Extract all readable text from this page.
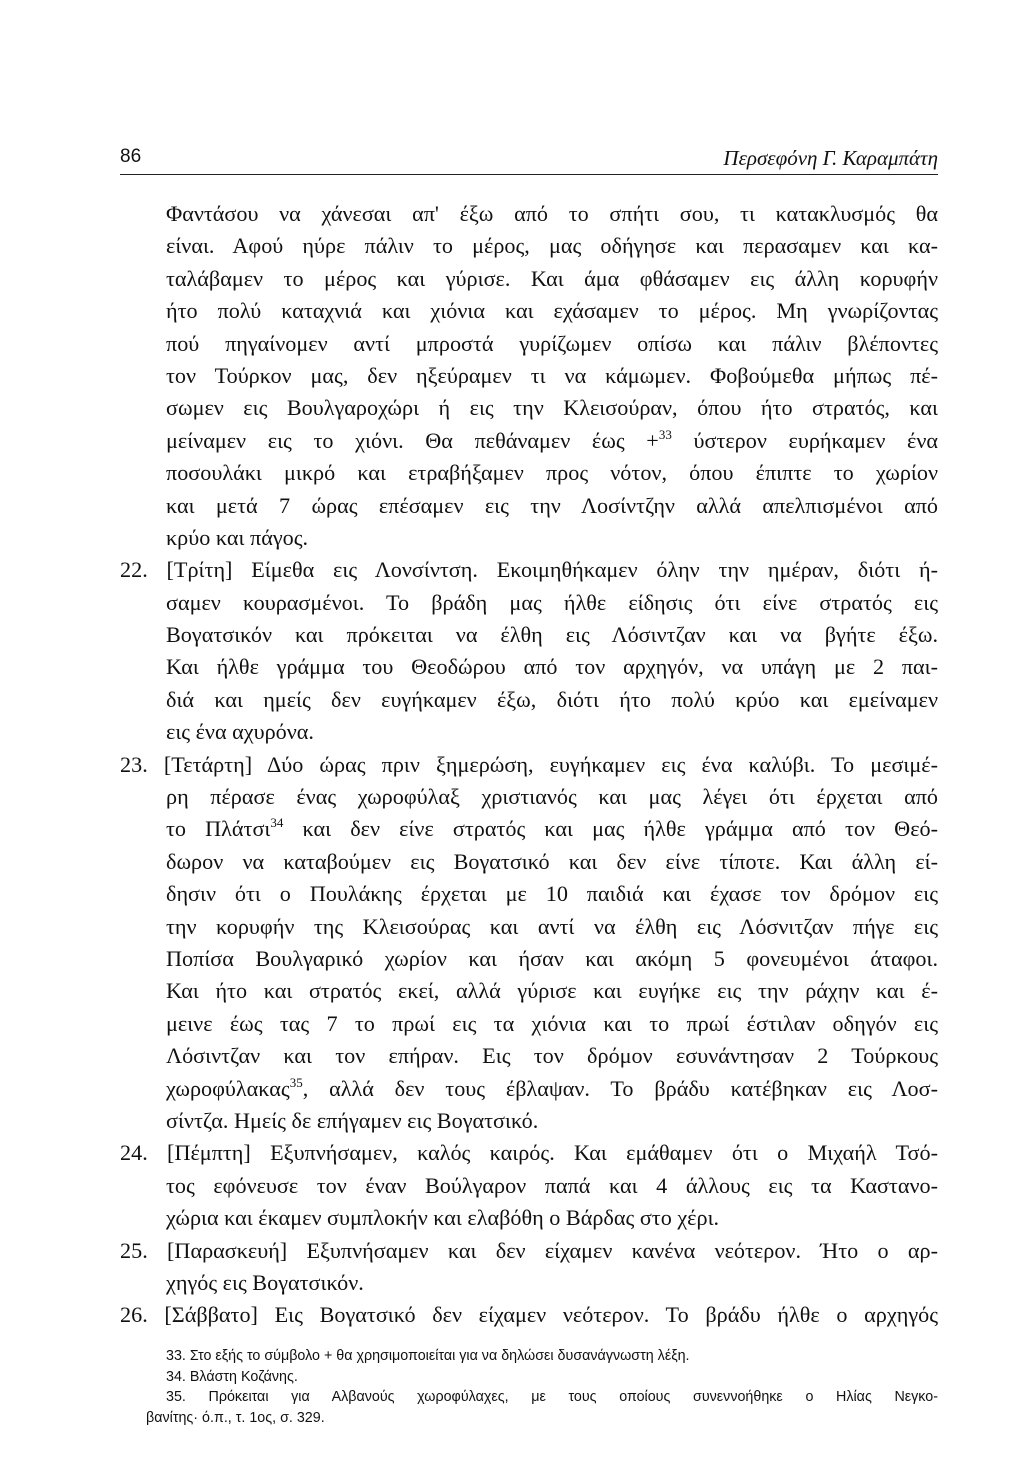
86	Περσεφόνη Γ. Καραμπάτη
Φαντάσου να χάνεσαι απ' έξω από το σπήτι σου, τι κατακλυσμός θα
είναι. Αφού ηύρε πάλιν το μέρος, μας οδήγησε και περασαμεν και κα-
ταλάβαμεν το μέρος και γύρισε. Και άμα φθάσαμεν εις άλλη κορυφήν
ήτο πολύ καταχνιά και χιόνια και εχάσαμεν το μέρος. Μη γνωρίζοντας
πού πηγαίνομεν αντί μπροστά γυρίζωμεν οπίσω και πάλιν βλέποντες
τον Τούρκον μας, δεν ηξεύραμεν τι να κάμωμεν. Φοβούμεθα μήπως πέ-
σωμεν εις Βουλγαροχώρι ή εις την Κλεισούραν, όπου ήτο στρατός, και
μείναμεν εις το χιόνι. Θα πεθάναμεν έως +$^{33}$ ύστερον ευρήκαμεν ένα
ποσουλάκι μικρό και ετραβήξαμεν προς νότον, όπου έπιπτε το χωρίον
και μετά 7 ώρας επέσαμεν εις την Λοσίντζην αλλά απελπισμένοι από
κρύο και πάγος.
22. [Τρίτη] Είμεθα εις Λονσίντση. Εκοιμηθήκαμεν όλην την ημέραν, διότι ή-
σαμεν κουρασμένοι. Το βράδη μας ήλθε είδησις ότι είνε στρατός εις
Βογατσικόν και πρόκειται να έλθη εις Λόσιντζαν και να βγήτε έξω.
Και ήλθε γράμμα του Θεοδώρου από τον αρχηγόν, να υπάγη με 2 παι-
διά και ημείς δεν ευγήκαμεν έξω, διότι ήτο πολύ κρύο και εμείναμεν
εις ένα αχυρόνα.
23. [Τετάρτη] Δύο ώρας πριν ξημερώση, ευγήκαμεν εις ένα καλύβι. Το μεσιμέ-
ρη πέρασε ένας χωροφύλαξ χριστιανός και μας λέγει ότι έρχεται από
το Πλάτσι$^{34}$ και δεν είνε στρατός και μας ήλθε γράμμα από τον Θεό-
δωρον να καταβούμεν εις Βογατσικό και δεν είνε τίποτε. Και άλλη εί-
δησιν ότι ο Πουλάκης έρχεται με 10 παιδιά και έχασε τον δρόμον εις
την κορυφήν της Κλεισούρας και αντί να έλθη εις Λόσνιτζαν πήγε εις
Ποπίσα Βουλγαρικό χωρίον και ήσαν και ακόμη 5 φονευμένοι άταφοι.
Και ήτο και στρατός εκεί, αλλά γύρισε και ευγήκε εις την ράχην και έ-
μεινε έως τας 7 το πρωί εις τα χιόνια και το πρωί έστιλαν οδηγόν εις
Λόσιντζαν και τον επήραν. Εις τον δρόμον εσυνάντησαν 2 Τούρκους
χωροφύλακας$^{35}$, αλλά δεν τους έβλαψαν. Το βράδυ κατέβηκαν εις Λοσ-
σίντζα. Ημείς δε επήγαμεν εις Βογατσικό.
24. [Πέμπτη] Εξυπνήσαμεν, καλός καιρός. Και εμάθαμεν ότι ο Μιχαήλ Τσό-
τος εφόνευσε τον έναν Βούλγαρον παπά και 4 άλλους εις τα Καστανο-
χώρια και έκαμεν συμπλοκήν και ελαβόθη ο Βάρδας στο χέρι.
25. [Παρασκευή] Εξυπνήσαμεν και δεν είχαμεν κανένα νεότερον. Ήτο ο αρ-
χηγός εις Βογατσικόν.
26. [Σάββατο] Εις Βογατσικό δεν είχαμεν νεότερον. Το βράδυ ήλθε ο αρχηγός
33. Στο εξής το σύμβολο + θα χρησιμοποιείται για να δηλώσει δυσανάγνωστη λέξη.
34. Βλάστη Κοζάνης.
35. Πρόκειται για Αλβανούς χωροφύλαχες, με τους οποίους συνεννοήθηκε ο Ηλίας Νεγκο-
βανίτης· ό.π., τ. 1ος, σ. 329.
